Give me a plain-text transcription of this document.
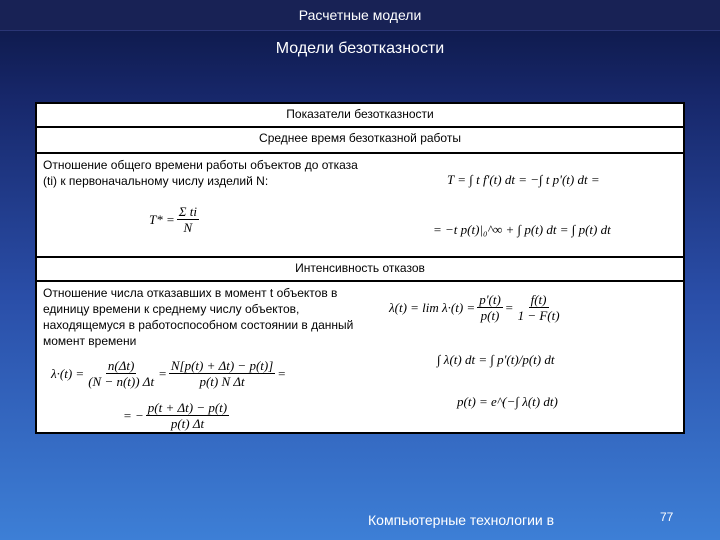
Расчетные модели
Модели безотказности
Показатели безотказности
Среднее время безотказной работы
Отношение общего времени работы объектов до отказа (ti) к первоначальному числу изделий N:
$T* = \frac{\text{Σ ti}}{N}$
T = ∫ t f'(t) dt = −∫ t p'(t) dt =
= −t p(t)|₀^∞ + ∫ p(t) dt = ∫ p(t) dt
Интенсивность отказов
Отношение числа отказавших в момент t объектов в единицу времени к среднему числу объектов, находящемуся в работоспособном состоянии в данный момент времени
$\lambda\cdot(t) = \frac{n(\Delta t)}{(N - n(t)) \Delta t} = \frac{N[p(t) + \Delta t) - p(t)]}{\text{p(t) N Δt}}$ =
= − $\frac{p(t + \Delta t) - p(t)}{p(t) \Delta t}$
$\lambda(t) = \lim \lambda\cdot(t) = \frac{p'(t)}{p(t)} = \frac{f(t)}{1 - F(t)}$
∫ λ(t) dt = ∫ p'(t)/p(t) dt
p(t) = e^(−∫ λ(t) dt)
Компьютерные технологии в	77
